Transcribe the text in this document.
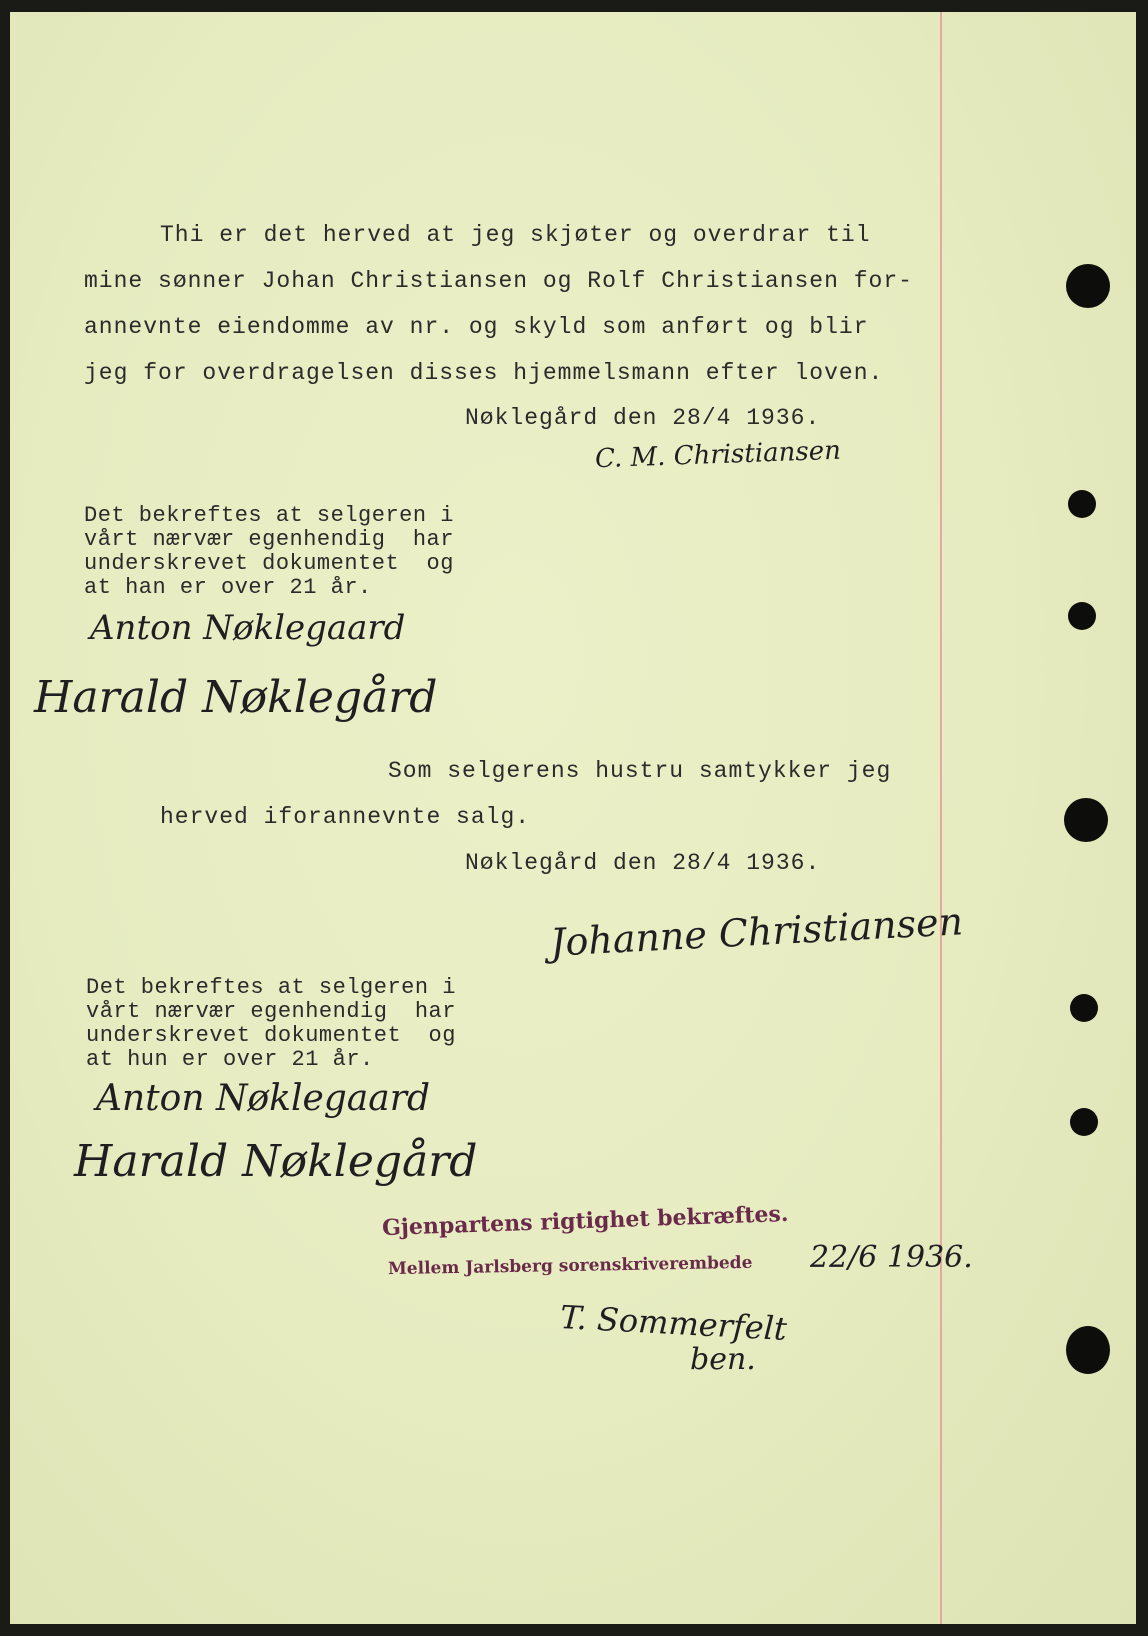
Thi er det herved at jeg skjøter og overdrar til

mine sønner Johan Christiansen og Rolf Christiansen for-

annevnte eiendomme av nr. og skyld som anført og blir

jeg for overdragelsen disses hjemmelsmann efter loven.

Nøklegård den 28/4 1936.

C. M. Christiansen

Det bekreftes at selgeren i

vårt nærvær egenhendig  har

underskrevet dokumentet  og

at han er over 21 år.

Anton Nøklegaard
Harald Nøklegård

Som selgerens hustru samtykker jeg

herved iforannevnte salg.

Nøklegård den 28/4 1936.

Johanne Christiansen

Det bekreftes at selgeren i

vårt nærvær egenhendig  har

underskrevet dokumentet  og

at hun er over 21 år.

Anton Nøklegaard
Harald Nøklegård
Gjenpartens rigtighet bekræftes.
Mellem Jarlsberg sorenskriverembede 22/6 1936.
T. Sommerfelt
ben.
